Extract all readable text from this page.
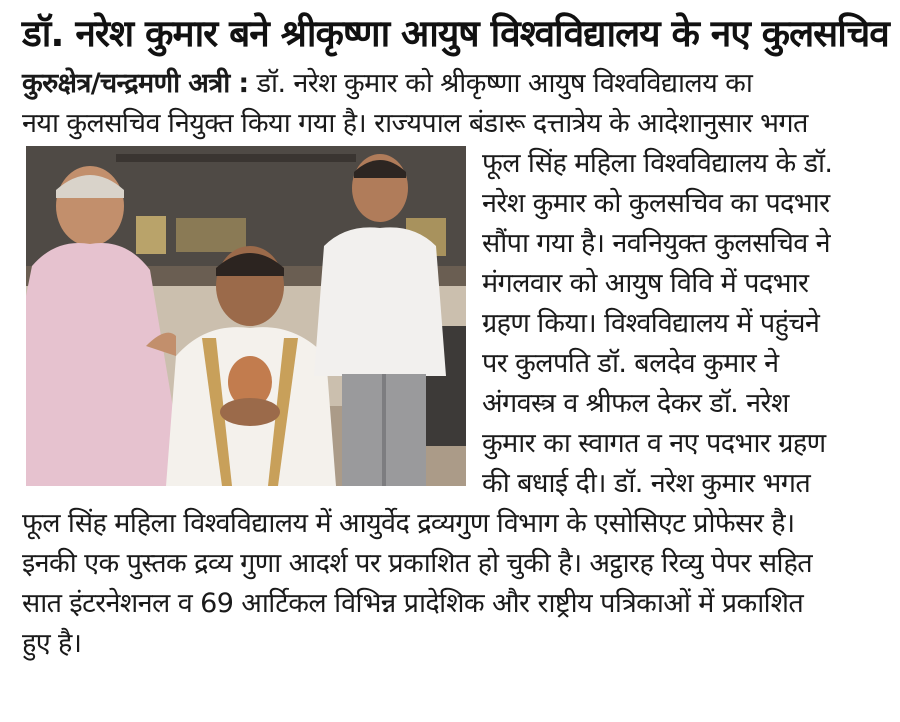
डॉ. नरेश कुमार बने श्रीकृष्णा आयुष विश्वविद्यालय के नए कुलसचिव
कुरुक्षेत्र/चन्द्रमणी अत्री : डॉ. नरेश कुमार को श्रीकृष्णा आयुष विश्वविद्यालय का
नया कुलसचिव नियुक्त किया गया है। राज्यपाल बंडारू दत्तात्रेय के आदेशानुसार भगत
फूल सिंह महिला विश्वविद्यालय के डॉ.
नरेश कुमार को कुलसचिव का पदभार
सौंपा गया है। नवनियुक्त कुलसचिव ने
मंगलवार को आयुष विवि में पदभार
ग्रहण किया। विश्वविद्यालय में पहुंचने
पर कुलपति डॉ. बलदेव कुमार ने
अंगवस्त्र व श्रीफल देकर डॉ. नरेश
कुमार का स्वागत व नए पदभार ग्रहण
की बधाई दी। डॉ. नरेश कुमार भगत
फूल सिंह महिला विश्वविद्यालय में आयुर्वेद द्रव्यगुण विभाग के एसोसिएट प्रोफेसर है।
इनकी एक पुस्तक द्रव्य गुणा आदर्श पर प्रकाशित हो चुकी है। अट्ठारह रिव्यु पेपर सहित
सात इंटरनेशनल व 69 आर्टिकल विभिन्न प्रादेशिक और राष्ट्रीय पत्रिकाओं में प्रकाशित
हुए है।
